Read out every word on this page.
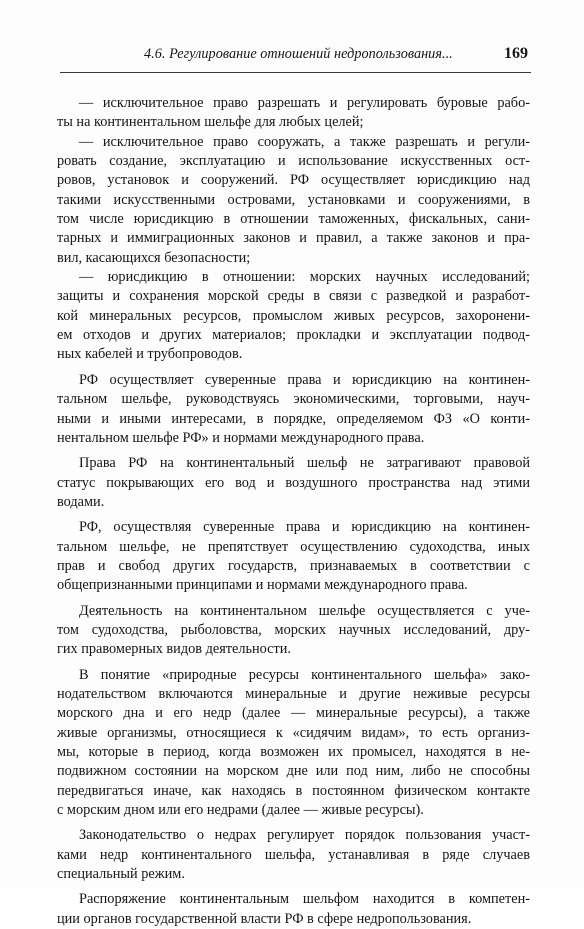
4.6. Регулирование отношений недропользования...	169
— исключительное право разрешать и регулировать буровые рабо-
ты на континентальном шельфе для любых целей;
— исключительное право сооружать, а также разрешать и регули-
ровать создание, эксплуатацию и использование искусственных ост-
ровов, установок и сооружений. РФ осуществляет юрисдикцию над
такими искусственными островами, установками и сооружениями, в
том числе юрисдикцию в отношении таможенных, фискальных, сани-
тарных и иммиграционных законов и правил, а также законов и пра-
вил, касающихся безопасности;
— юрисдикцию в отношении: морских научных исследований;
защиты и сохранения морской среды в связи с разведкой и разработ-
кой минеральных ресурсов, промыслом живых ресурсов, захоронени-
ем отходов и других материалов; прокладки и эксплуатации подвод-
ных кабелей и трубопроводов.
РФ осуществляет суверенные права и юрисдикцию на континен-
тальном шельфе, руководствуясь экономическими, торговыми, науч-
ными и иными интересами, в порядке, определяемом ФЗ «О конти-
нентальном шельфе РФ» и нормами международного права.
Права РФ на континентальный шельф не затрагивают правовой
статус покрывающих его вод и воздушного пространства над этими
водами.
РФ, осуществляя суверенные права и юрисдикцию на континен-
тальном шельфе, не препятствует осуществлению судоходства, иных
прав и свобод других государств, признаваемых в соответствии с
общепризнанными принципами и нормами международного права.
Деятельность на континентальном шельфе осуществляется с уче-
том судоходства, рыболовства, морских научных исследований, дру-
гих правомерных видов деятельности.
В понятие «природные ресурсы континентального шельфа» зако-
нодательством включаются минеральные и другие неживые ресурсы
морского дна и его недр (далее — минеральные ресурсы), а также
живые организмы, относящиеся к «сидячим видам», то есть организ-
мы, которые в период, когда возможен их промысел, находятся в не-
подвижном состоянии на морском дне или под ним, либо не способны
передвигаться иначе, как находясь в постоянном физическом контакте
с морским дном или его недрами (далее — живые ресурсы).
Законодательство о недрах регулирует порядок пользования участ-
ками недр континентального шельфа, устанавливая в ряде случаев
специальный режим.
Распоряжение континентальным шельфом находится в компетен-
ции органов государственной власти РФ в сфере недропользования.
